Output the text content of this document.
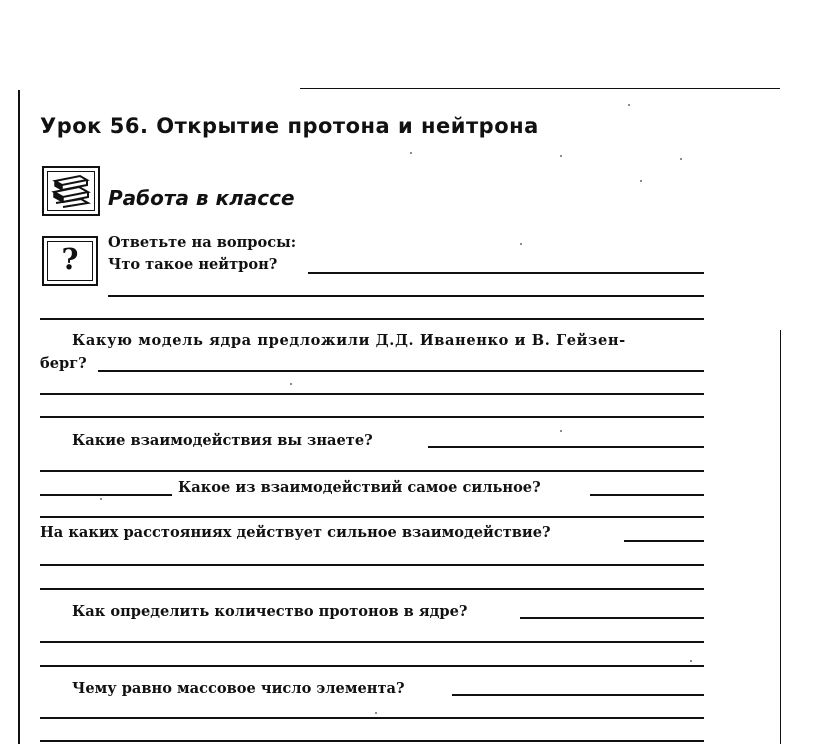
Урок 56. Открытие протона и нейтрона
Работа в классе
?	Ответьте на вопросы:
Что такое нейтрон?
Какую модель ядра предложили Д.Д. Иваненко и В. Гейзен-
берг?
Какие взаимодействия вы знаете?
Какое из взаимодействий самое сильное?
На каких расстояниях действует сильное взаимодействие?
Как определить количество протонов в ядре?
Чему равно массовое число элемента?
